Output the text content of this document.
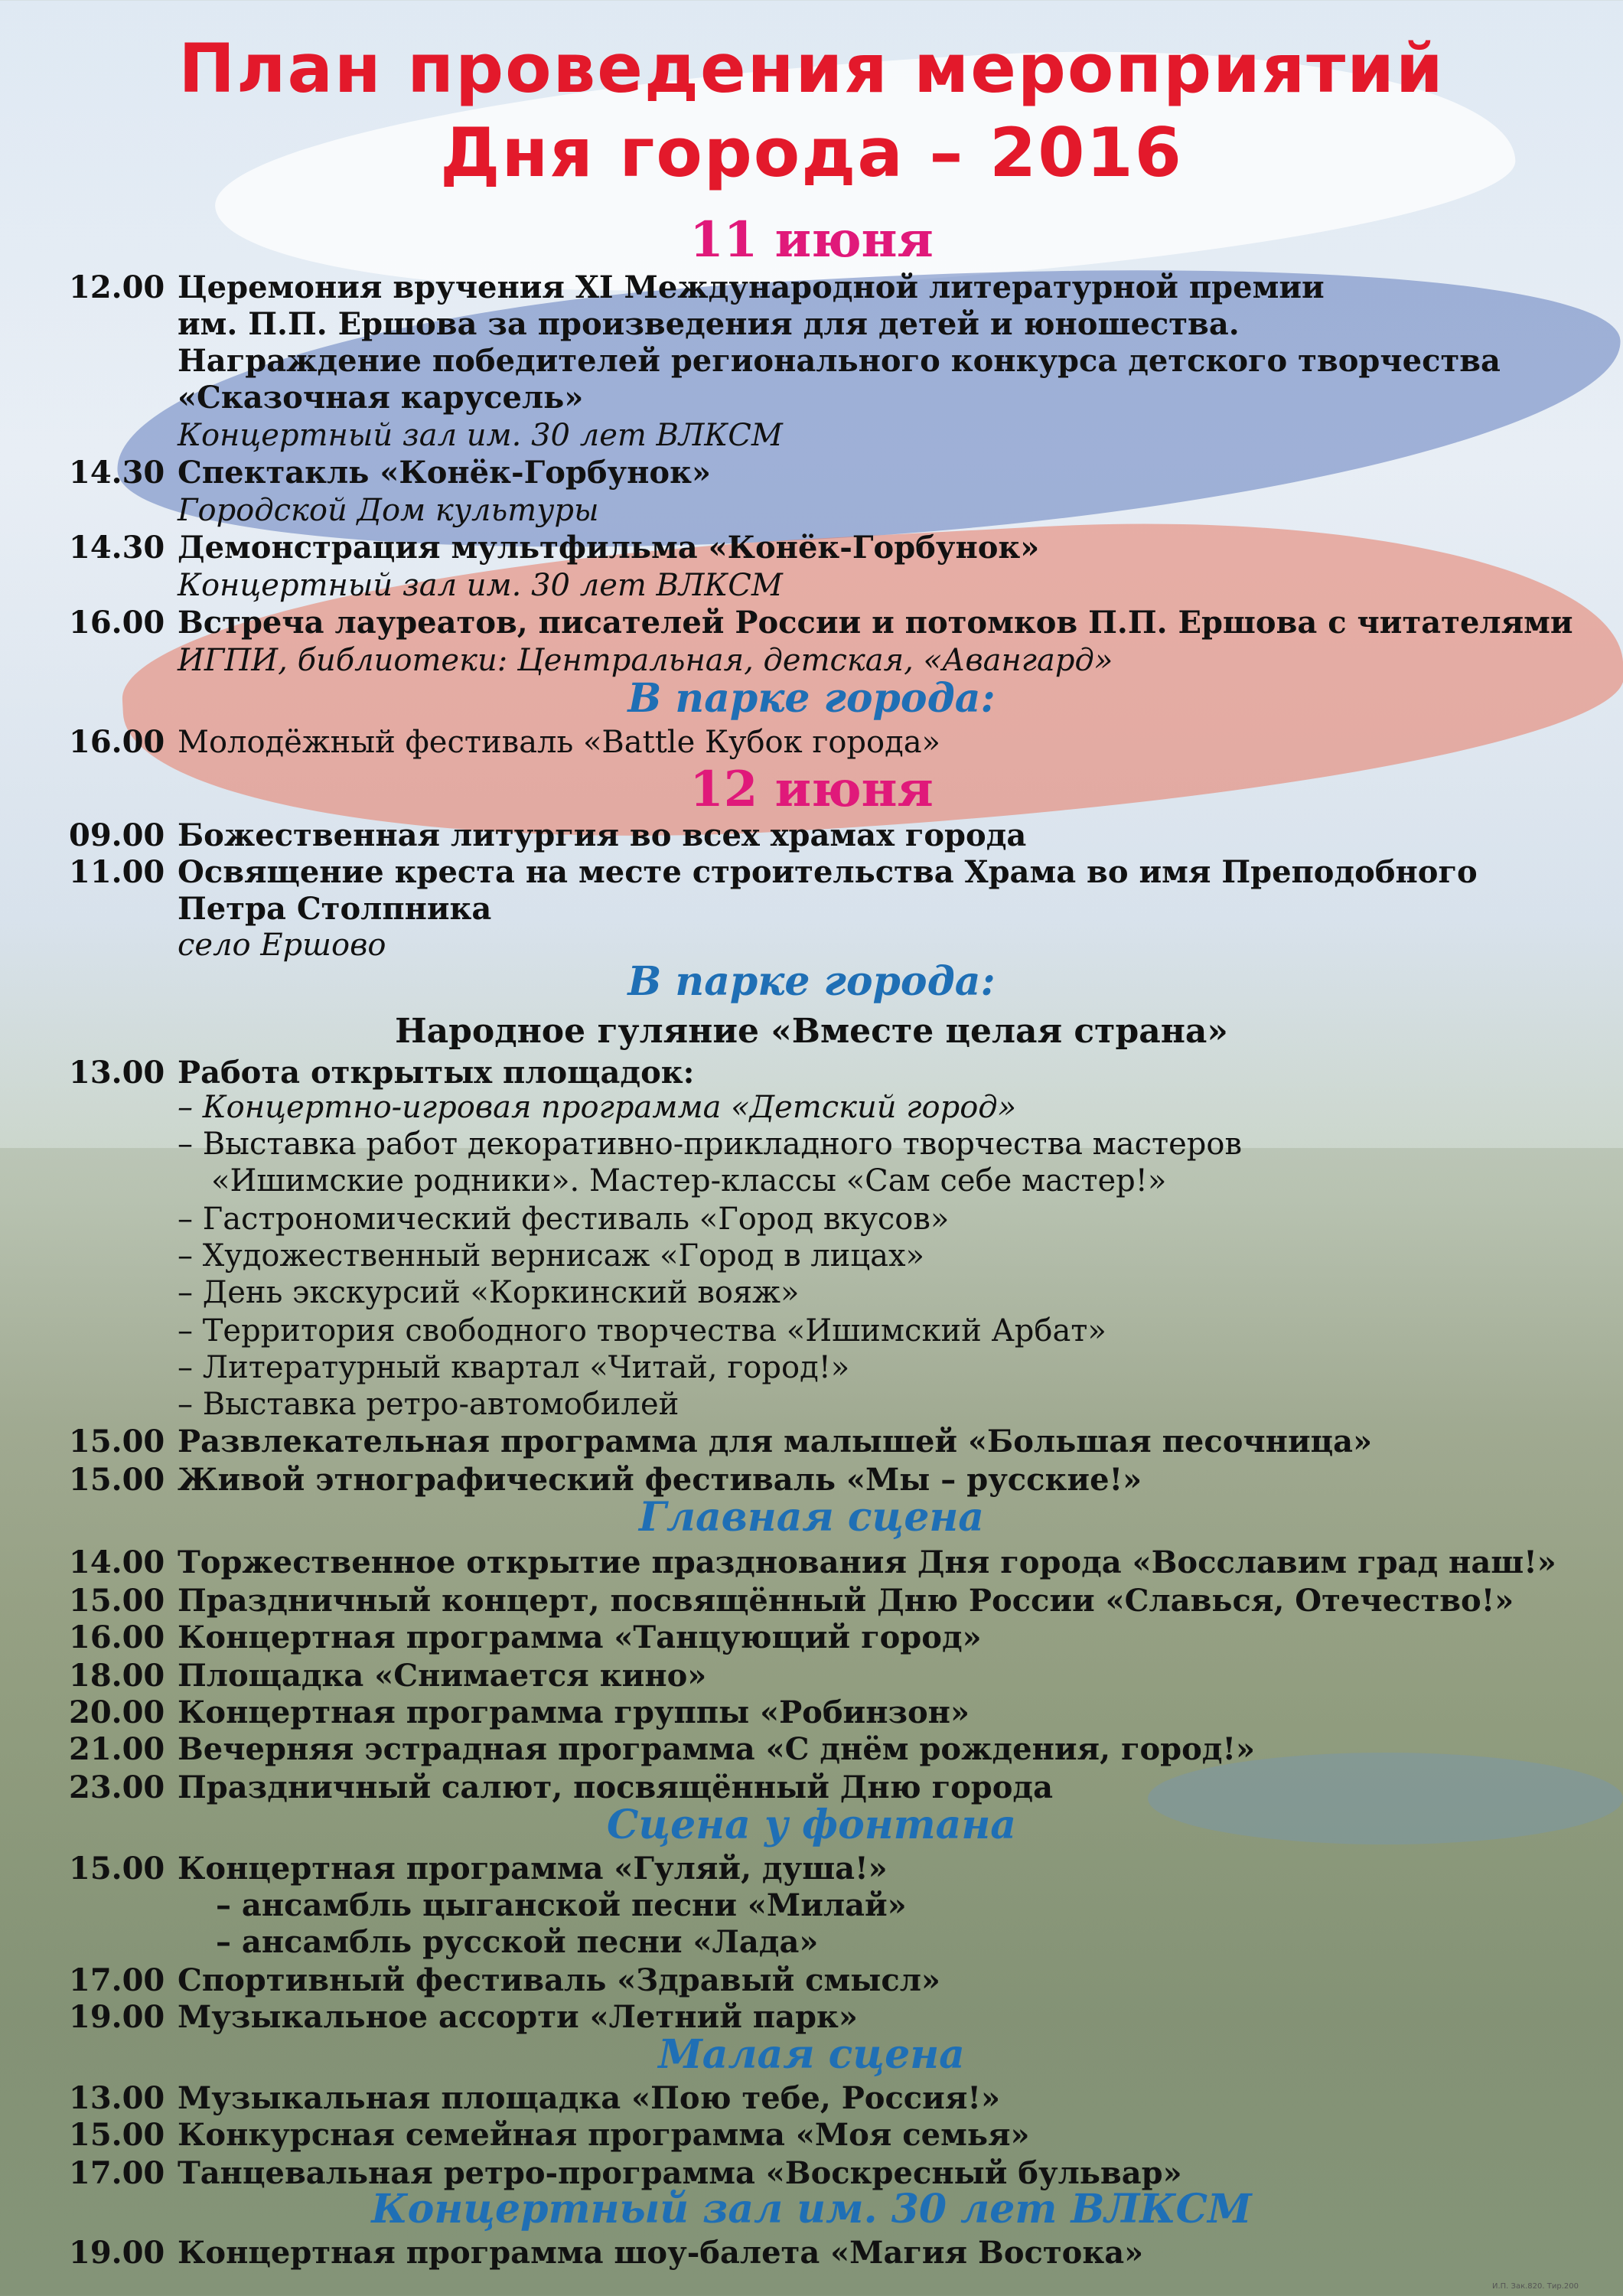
План проведения мероприятий
Дня города – 2016
11 июня
12.00 Церемония вручения XI Международной литературной премии
им. П.П. Ершова за произведения для детей и юношества.
Награждение победителей регионального конкурса детского творчества
«Сказочная карусель»
Концертный зал им. 30 лет ВЛКСМ
14.30 Спектакль «Конёк-Горбунок»
Городской Дом культуры
14.30 Демонстрация мультфильма «Конёк-Горбунок»
Концертный зал им. 30 лет ВЛКСМ
16.00 Встреча лауреатов, писателей России и потомков П.П. Ершова с читателями
ИГПИ, библиотеки: Центральная, детская, «Авангард»
В парке города:
16.00 Молодёжный фестиваль «Battle Кубок города»
12 июня
09.00 Божественная литургия во всех храмах города
11.00 Освящение креста на месте строительства Храма во имя Преподобного
Петра Столпника
село Ершово
В парке города:
Народное гуляние «Вместе целая страна»
13.00 Работа открытых площадок:
– Концертно-игровая программа «Детский город»
– Выставка работ декоративно-прикладного творчества мастеров
«Ишимские родники». Мастер-классы «Сам себе мастер!»
– Гастрономический фестиваль «Город вкусов»
– Художественный вернисаж «Город в лицах»
– День экскурсий «Коркинский вояж»
– Территория свободного творчества «Ишимский Арбат»
– Литературный квартал «Читай, город!»
– Выставка ретро-автомобилей
15.00 Развлекательная программа для малышей «Большая песочница»
15.00 Живой этнографический фестиваль «Мы – русские!»
Главная сцена
14.00 Торжественное открытие празднования Дня города «Восславим град наш!»
15.00 Праздничный концерт, посвящённый Дню России «Славься, Отечество!»
16.00 Концертная программа «Танцующий город»
18.00 Площадка «Снимается кино»
20.00 Концертная программа группы «Робинзон»
21.00 Вечерняя эстрадная программа «С днём рождения, город!»
23.00 Праздничный салют, посвящённый Дню города
Сцена у фонтана
15.00 Концертная программа «Гуляй, душа!»
– ансамбль цыганской песни «Милай»
– ансамбль русской песни «Лада»
17.00 Спортивный фестиваль «Здравый смысл»
19.00 Музыкальное ассорти «Летний парк»
Малая сцена
13.00 Музыкальная площадка «Пою тебе, Россия!»
15.00 Конкурсная семейная программа «Моя семья»
17.00 Танцевальная ретро-программа «Воскресный бульвар»
Концертный зал им. 30 лет ВЛКСМ
19.00 Концертная программа шоу-балета «Магия Востока»
И.П. Зак.820. Тир.200
